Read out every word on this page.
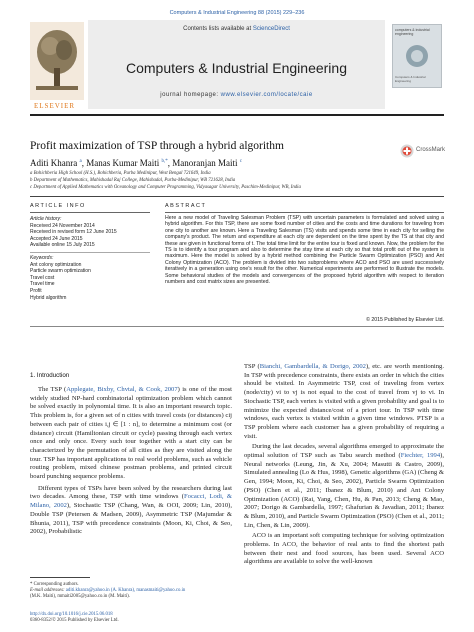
Computers & Industrial Engineering 88 (2015) 229–236
ELSEVIER
Contents lists available at ScienceDirect
Computers & Industrial Engineering
journal homepage: www.elsevier.com/locate/caie
computers & industrial engineering
Computers & Industrial Engineering
Profit maximization of TSP through a hybrid algorithm	CrossMark
Aditi Khanra $^a$, Manas Kumar Maiti $^{b,*}$, Manoranjan Maiti $^c$
a Bohichberia High School (H.S.), Bohichberia, Purba Medinipur, West Bengal 721649, India
b Department of Mathematics, Mahishadal Raj College, Mahishadal, Purba-Medinipur, WB 721628, India
c Department of Applied Mathematics with Oceanology and Computer Programming, Vidyasagar University, Paschim-Medinipur, WB, India
ARTICLE INFO
Article history:
Received 24 November 2014
Received in revised form 12 June 2015
Accepted 24 June 2015
Available online 15 July 2015
Keywords:
Ant colony optimization
Particle swarm optimization
Travel cost
Travel time
Profit
Hybrid algorithm
ABSTRACT
Here a new model of Traveling Salesman Problem (TSP) with uncertain parameters is formulated and solved using a hybrid algorithm. For this TSP, there are some fixed number of cities and the costs and time durations for traveling from one city to another are known. Here a Traveling Salesman (TS) visits and spends some time in each city for selling the company's product. The return and expenditure at each city are dependent on the time spent by the TS at that city and these are given in functional forms of t. The total time limit for the entire tour is fixed and known. Now, the problem for the TS is to identify a tour program and also to determine the stay time at each city so that total profit out of the system is maximum. Here the model is solved by a hybrid method combining the Particle Swarm Optimization (PSO) and Ant Colony Optimization (ACO). The problem is divided into two subproblems where ACO and PSO are used successively iteratively in a generation using one's result for the other. Numerical experiments are performed to illustrate the models. Some behavioral studies of the models and convergences of the proposed hybrid algorithm with respect to iteration numbers and cost matrix sizes are presented.
© 2015 Published by Elsevier Ltd.
1. Introduction

The TSP (Applegate, Bixby, Chvtal, & Cook, 2007) is one of the most widely studied NP-hard combinatorial optimization problem which cannot be solved exactly in polynomial time. It is also an important research topic. This problem is, for a given set of n cities with travel costs (or distances) cij between each pair of cities i,j ∈ [1 : n], to determine a minimum cost (or distance) circuit (Hamiltonian circuit or cycle) passing through each vertex once and only once. Every such tour together with a start city can be characterized by the permutation of all cities as they are visited along the tour. TSP has important applications to real world problems, such as vehicle routing problem, mixed chinese postman problems, and printed circuit board punching sequence problems.

Different types of TSPs have been solved by the researchers during last two decades. Among these, TSP with time windows (Focacci, Lodi, & Milano, 2002), Stochastic TSP (Chang, Wan, & OOI, 2009; Lin, 2010), Double TSP (Petersen & Madsen, 2009), Asymmetric TSP (Majumdar & Bhunia, 2011), TSP with precedence constraints (Moon, Ki, Choi, & Seo, 2002), Probabilistic

TSP (Bianchi, Gambardella, & Dorigo, 2002), etc. are worth mentioning. In TSP with precedence constraints, there exists an order in which the cities should be visited. In Asymmetric TSP, cost of traveling from vertex (node/city) vi to vj is not equal to the cost of travel from vj to vi. In Stochastic TSP, each vertex is visited with a given probability and goal is to minimize the expected distance/cost of a priori tour. In TSP with time windows, each vertex is visited within a given time windows. PTSP is a TSP problem where each customer has a given probability of requiring a visit.

During the last decades, several algorithms emerged to approximate the optimal solution of TSP such as Tabu search method (Fiechter, 1994), Neural networks (Leung, Jin, & Xu, 2004; Masutti & Castro, 2009), Simulated annealing (Lo & Hus, 1998), Genetic algorithms (GA) (Cheng & Gen, 1994; Moon, Ki, Choi, & Seo, 2002), Particle Swarm Optimization (PSO) (Chen et al., 2011; Ibanez & Blum, 2010) and Ant Colony Optimization (ACO) (Rai, Yang, Chen, Hu, & Pan, 2013; Cheng & Mao, 2007; Dorigo & Gambardella, 1997; Ghafurian & Javadian, 2011; Ibanez & Blum, 2010), and Particle Swarm Optimization (PSO) (Chen et al., 2011; Lin, Chen, & Lin, 2009).

ACO is an important soft computing technique for solving optimization problems. In ACO, the behavior of real ants to find the shortest path between their nest and food sources, has been used. Several ACO algorithms are available to solve the well-known

* Corresponding authors.
E-mail addresses: aditi.khanra@yahoo.in (A. Khanra), manasmaiti@yahoo.co.in
(M.K. Maiti), mmaiti2005@yahoo.co.in (M. Maiti).
http://dx.doi.org/10.1016/j.cie.2015.06.018
0360-8352/© 2015 Published by Elsevier Ltd.
